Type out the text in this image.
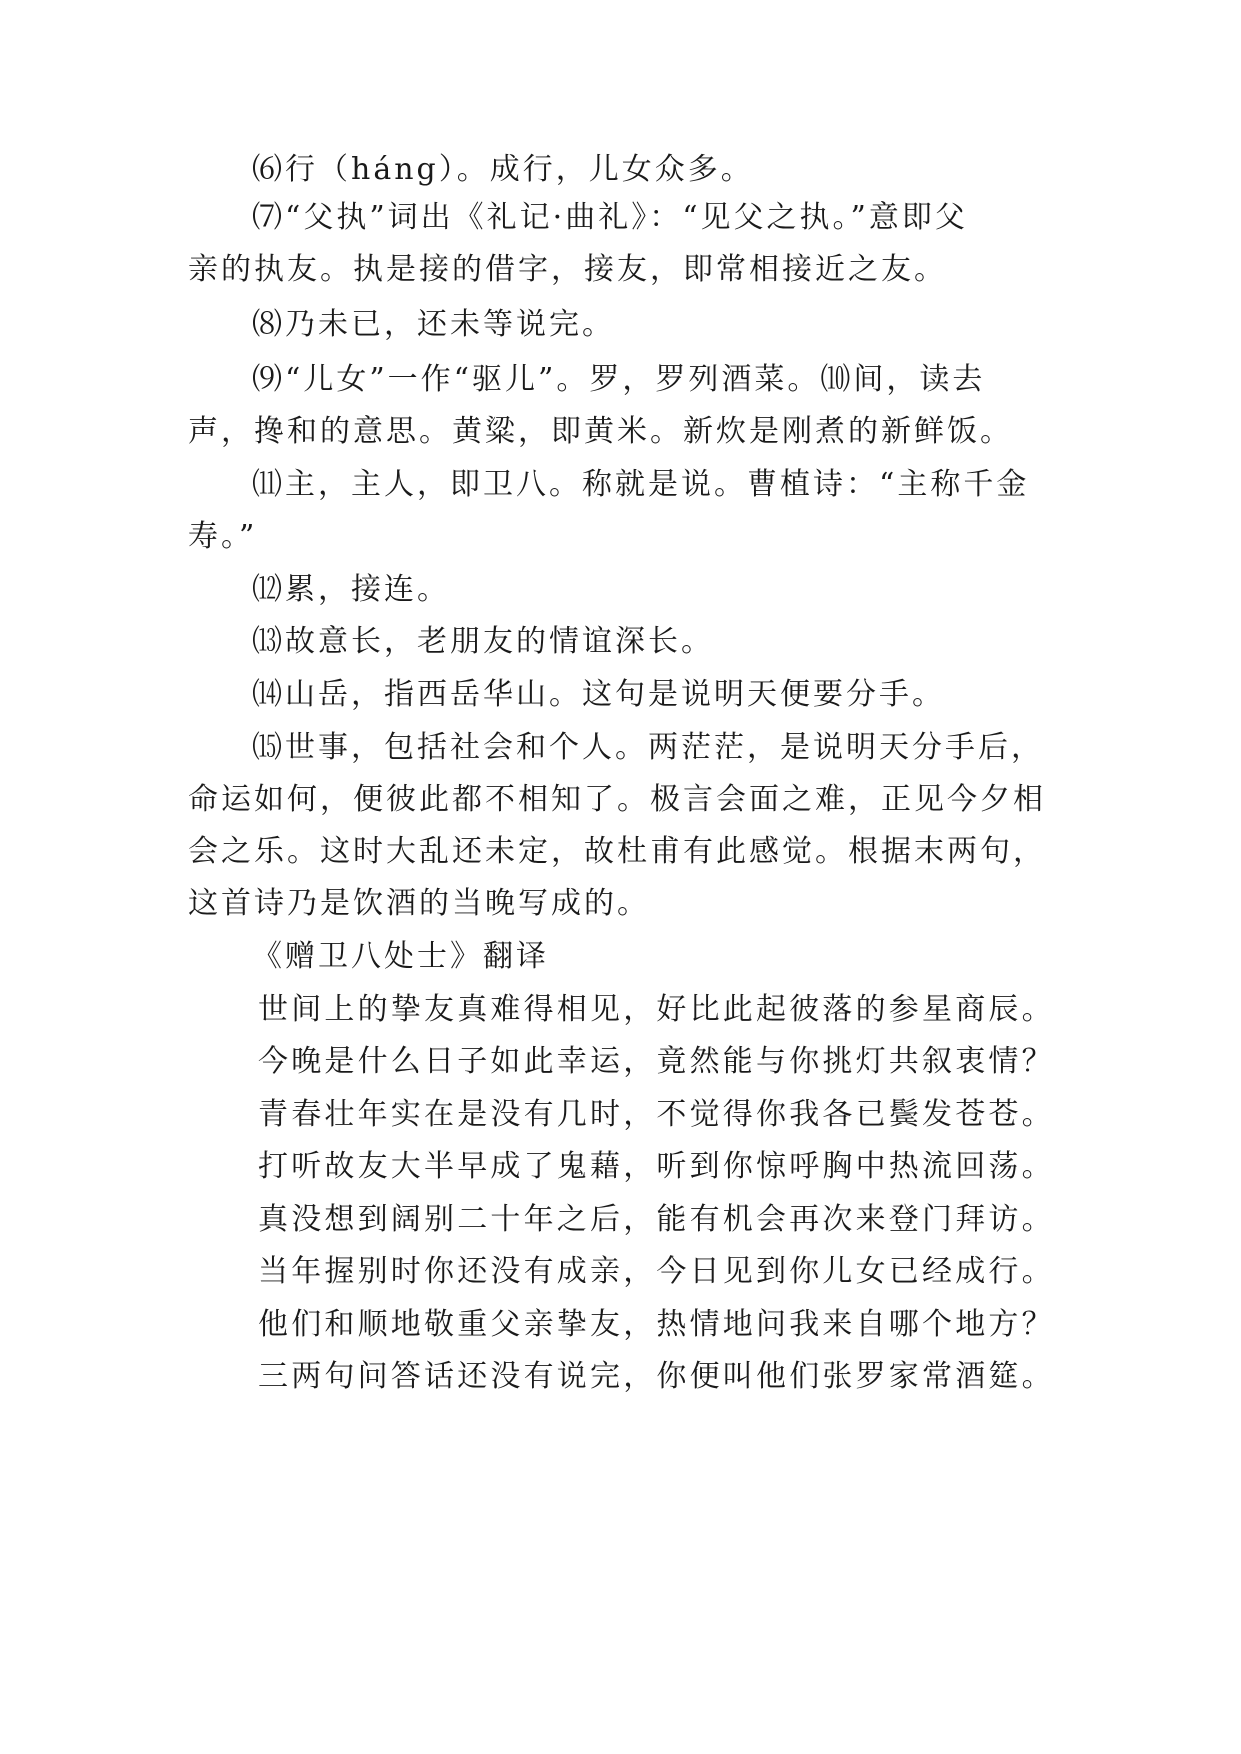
⑹行（háng）。成行，儿女众多。
⑺“父执”词出《礼记·曲礼》：“见父之执。”意即父
亲的执友。执是接的借字，接友，即常相接近之友。
⑻乃未已，还未等说完。
⑼“儿女”一作“驱儿”。罗，罗列酒菜。⑽间，读去
声，搀和的意思。黄粱，即黄米。新炊是刚煮的新鲜饭。
⑾主，主人，即卫八。称就是说。曹植诗：“主称千金
寿。”
⑿累，接连。
⒀故意长，老朋友的情谊深长。
⒁山岳，指西岳华山。这句是说明天便要分手。
⒂世事，包括社会和个人。两茫茫，是说明天分手后，
命运如何，便彼此都不相知了。极言会面之难，正见今夕相
会之乐。这时大乱还未定，故杜甫有此感觉。根据末两句，
这首诗乃是饮酒的当晚写成的。
《赠卫八处士》翻译
世间上的挚友真难得相见，好比此起彼落的参星商辰。
今晚是什么日子如此幸运，竟然能与你挑灯共叙衷情？
青春壮年实在是没有几时，不觉得你我各已鬓发苍苍。
打听故友大半早成了鬼藉，听到你惊呼胸中热流回荡。
真没想到阔别二十年之后，能有机会再次来登门拜访。
当年握别时你还没有成亲，今日见到你儿女已经成行。
他们和顺地敬重父亲挚友，热情地问我来自哪个地方？
三两句问答话还没有说完，你便叫他们张罗家常酒筵。
